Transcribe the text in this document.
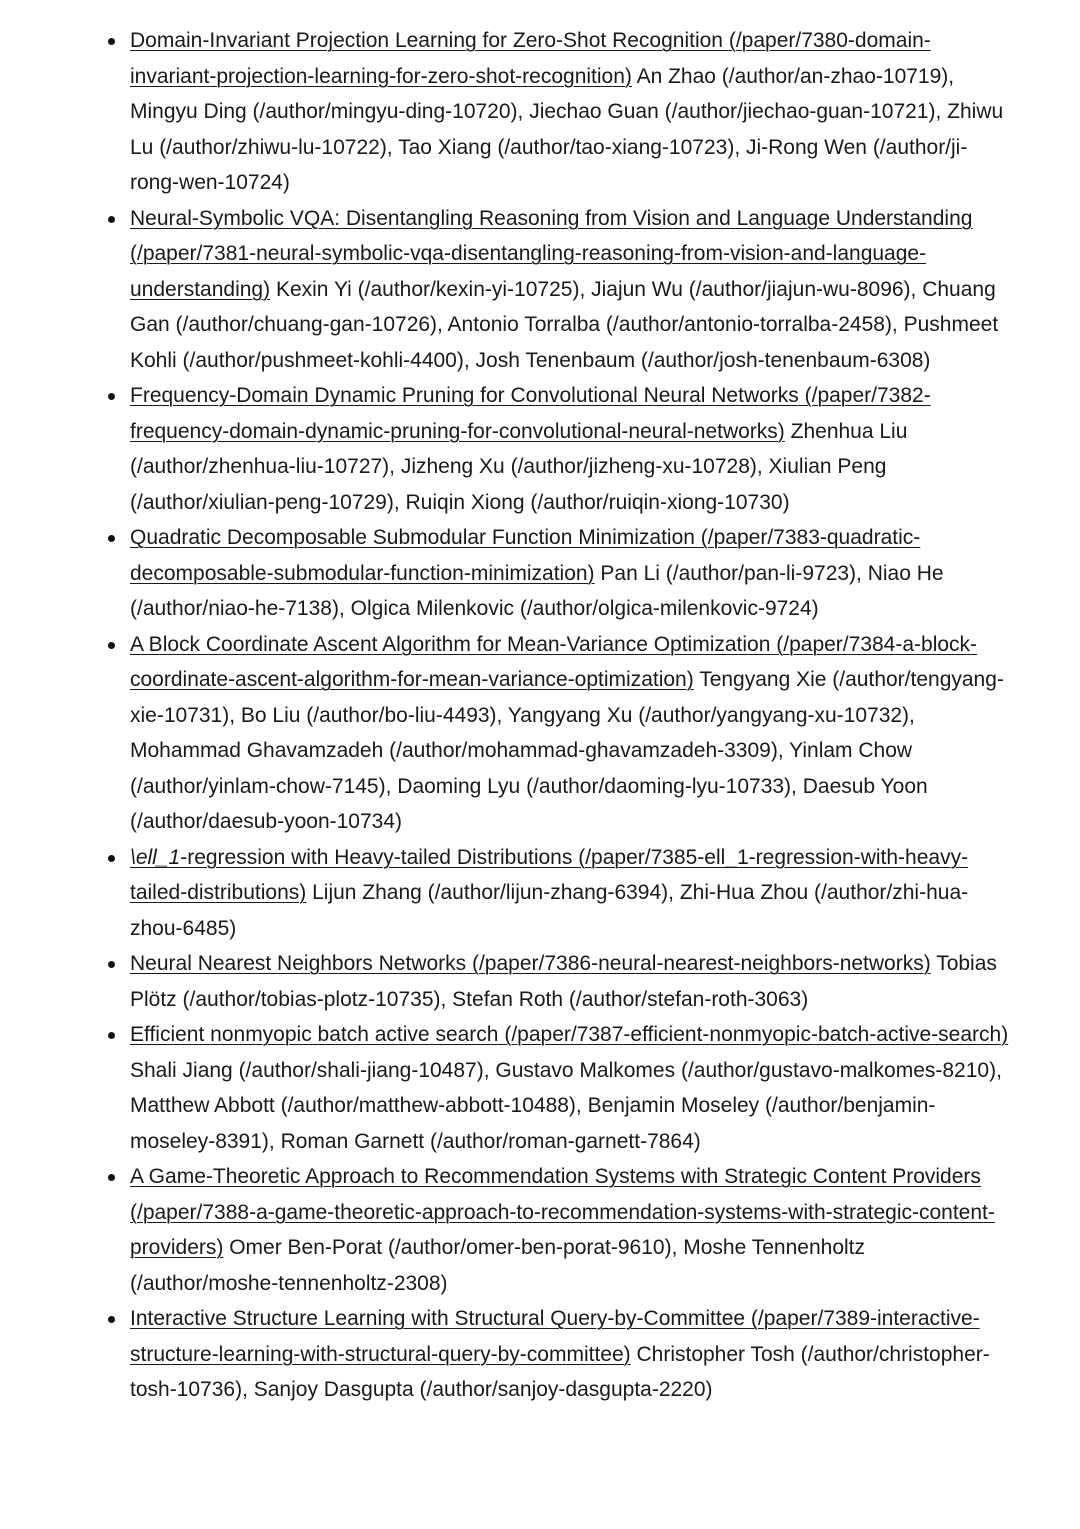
Domain-Invariant Projection Learning for Zero-Shot Recognition (/paper/7380-domain-invariant-projection-learning-for-zero-shot-recognition) An Zhao (/author/an-zhao-10719), Mingyu Ding (/author/mingyu-ding-10720), Jiechao Guan (/author/jiechao-guan-10721), Zhiwu Lu (/author/zhiwu-lu-10722), Tao Xiang (/author/tao-xiang-10723), Ji-Rong Wen (/author/ji-rong-wen-10724)
Neural-Symbolic VQA: Disentangling Reasoning from Vision and Language Understanding (/paper/7381-neural-symbolic-vqa-disentangling-reasoning-from-vision-and-language-understanding) Kexin Yi (/author/kexin-yi-10725), Jiajun Wu (/author/jiajun-wu-8096), Chuang Gan (/author/chuang-gan-10726), Antonio Torralba (/author/antonio-torralba-2458), Pushmeet Kohli (/author/pushmeet-kohli-4400), Josh Tenenbaum (/author/josh-tenenbaum-6308)
Frequency-Domain Dynamic Pruning for Convolutional Neural Networks (/paper/7382-frequency-domain-dynamic-pruning-for-convolutional-neural-networks) Zhenhua Liu (/author/zhenhua-liu-10727), Jizheng Xu (/author/jizheng-xu-10728), Xiulian Peng (/author/xiulian-peng-10729), Ruiqin Xiong (/author/ruiqin-xiong-10730)
Quadratic Decomposable Submodular Function Minimization (/paper/7383-quadratic-decomposable-submodular-function-minimization) Pan Li (/author/pan-li-9723), Niao He (/author/niao-he-7138), Olgica Milenkovic (/author/olgica-milenkovic-9724)
A Block Coordinate Ascent Algorithm for Mean-Variance Optimization (/paper/7384-a-block-coordinate-ascent-algorithm-for-mean-variance-optimization) Tengyang Xie (/author/tengyang-xie-10731), Bo Liu (/author/bo-liu-4493), Yangyang Xu (/author/yangyang-xu-10732), Mohammad Ghavamzadeh (/author/mohammad-ghavamzadeh-3309), Yinlam Chow (/author/yinlam-chow-7145), Daoming Lyu (/author/daoming-lyu-10733), Daesub Yoon (/author/daesub-yoon-10734)
\ell_1-regression with Heavy-tailed Distributions (/paper/7385-ell_1-regression-with-heavy-tailed-distributions) Lijun Zhang (/author/lijun-zhang-6394), Zhi-Hua Zhou (/author/zhi-hua-zhou-6485)
Neural Nearest Neighbors Networks (/paper/7386-neural-nearest-neighbors-networks) Tobias Plötz (/author/tobias-plotz-10735), Stefan Roth (/author/stefan-roth-3063)
Efficient nonmyopic batch active search (/paper/7387-efficient-nonmyopic-batch-active-search) Shali Jiang (/author/shali-jiang-10487), Gustavo Malkomes (/author/gustavo-malkomes-8210), Matthew Abbott (/author/matthew-abbott-10488), Benjamin Moseley (/author/benjamin-moseley-8391), Roman Garnett (/author/roman-garnett-7864)
A Game-Theoretic Approach to Recommendation Systems with Strategic Content Providers (/paper/7388-a-game-theoretic-approach-to-recommendation-systems-with-strategic-content-providers) Omer Ben-Porat (/author/omer-ben-porat-9610), Moshe Tennenholtz (/author/moshe-tennenholtz-2308)
Interactive Structure Learning with Structural Query-by-Committee (/paper/7389-interactive-structure-learning-with-structural-query-by-committee) Christopher Tosh (/author/christopher-tosh-10736), Sanjoy Dasgupta (/author/sanjoy-dasgupta-2220)
